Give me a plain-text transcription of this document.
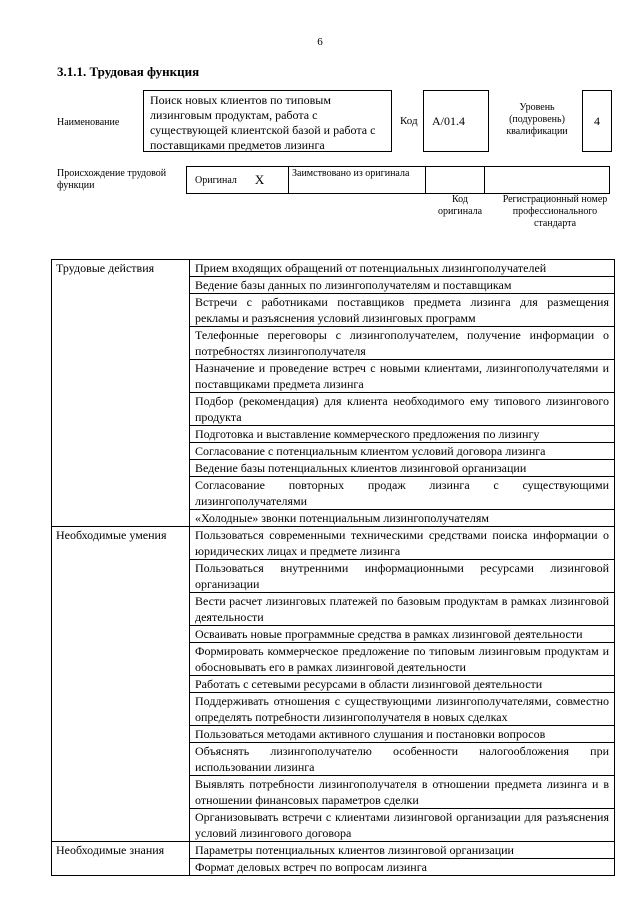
6
3.1.1. Трудовая функция
Наименование
Поиск новых клиентов по типовым лизинговым продуктам, работа с существующей клиентской базой и работа с поставщиками предметов лизинга
Код А/01.4
Уровень (подуровень) квалификации
4
Происхождение трудовой функции	Оригинал X	Заимствовано из оригинала
Код оригинала
Регистрационный номер профессионального стандарта
Трудовые действия	Прием входящих обращений от потенциальных лизингополучателей
	Ведение базы данных по лизингополучателям и поставщикам
	Встречи с работниками поставщиков предмета лизинга для размещения рекламы и разъяснения условий лизинговых программ
	Телефонные переговоры с лизингополучателем, получение информации о потребностях лизингополучателя
	Назначение и проведение встреч с новыми клиентами, лизингополучателями и поставщиками предмета лизинга
	Подбор (рекомендация) для клиента необходимого ему типового лизингового продукта
	Подготовка и выставление коммерческого предложения по лизингу
	Согласование с потенциальным клиентом условий договора лизинга
	Ведение базы потенциальных клиентов лизинговой организации
	Согласование повторных продаж лизинга с существующими лизингополучателями
	«Холодные» звонки потенциальным лизингополучателям
Необходимые умения	Пользоваться современными техническими средствами поиска информации о юридических лицах и предмете лизинга
	Пользоваться внутренними информационными ресурсами лизинговой организации
	Вести расчет лизинговых платежей по базовым продуктам в рамках лизинговой деятельности
	Осваивать новые программные средства в рамках лизинговой деятельности
	Формировать коммерческое предложение по типовым лизинговым продуктам и обосновывать его в рамках лизинговой деятельности
	Работать с сетевыми ресурсами в области лизинговой деятельности
	Поддерживать отношения с существующими лизингополучателями, совместно определять потребности лизингополучателя в новых сделках
	Пользоваться методами активного слушания и постановки вопросов
	Объяснять лизингополучателю особенности налогообложения при использовании лизинга
	Выявлять потребности лизингополучателя в отношении предмета лизинга и в отношении финансовых параметров сделки
	Организовывать встречи с клиентами лизинговой организации для разъяснения условий лизингового договора
Необходимые знания	Параметры потенциальных клиентов лизинговой организации
	Формат деловых встреч по вопросам лизинга
